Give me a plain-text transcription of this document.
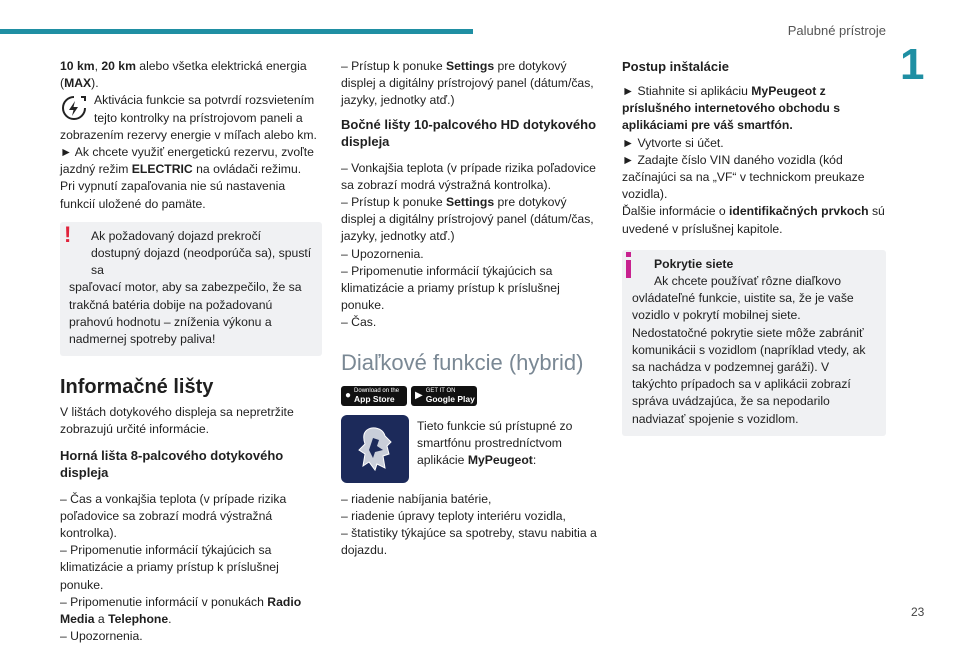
Palubné prístroje
1

10 km, 20 km alebo všetka elektrická energia (MAX).

Aktivácia funkcie sa potvrdí rozsvietením tejto kontrolky na prístrojovom paneli a
zobrazením rezervy energie v míľach alebo km.

► Ak chcete využiť energetickú rezervu, zvoľte jazdný režim ELECTRIC na ovládači režimu.

Pri vypnutí zapaľovania nie sú nastavenia funkcií uložené do pamäte.

!	Ak požadovaný dojazd prekročí dostupný dojazd (neodporúča sa), spustí sa
spaľovací motor, aby sa zabezpečilo, že sa trakčná batéria dobije na požadovanú prahovú hodnotu – zníženia výkonu a nadmernej spotreby paliva!
Informačné lišty

V lištách dotykového displeja sa nepretržite zobrazujú určité informácie.

Horná lišta 8-palcového dotykového displeja

– Čas a vonkajšia teplota (v prípade rizika poľadovice sa zobrazí modrá výstražná kontrolka).

– Pripomenutie informácií týkajúcich sa klimatizácie a priamy prístup k príslušnej ponuke.

– Pripomenutie informácií v ponukách Radio Media a Telephone.

– Upozornenia.

– Prístup k ponuke Settings pre dotykový displej a digitálny prístrojový panel (dátum/čas, jazyky, jednotky atď.)

Bočné lišty 10-palcového HD dotykového displeja

– Vonkajšia teplota (v prípade rizika poľadovice sa zobrazí modrá výstražná kontrolka).

– Prístup k ponuke Settings pre dotykový displej a digitálny prístrojový panel (dátum/čas, jazyky, jednotky atď.)

– Upozornenia.

– Pripomenutie informácií týkajúcich sa klimatizácie a priamy prístup k príslušnej ponuke.

– Čas.

Diaľkové funkcie (hybrid)
● Download on the
App Store	▶ GET IT ON
Google Play

Tieto funkcie sú prístupné zo smartfónu prostredníctvom aplikácie MyPeugeot:

– riadenie nabíjania batérie,

– riadenie úpravy teploty interiéru vozidla,

– štatistiky týkajúce sa spotreby, stavu nabitia a dojazdu.

Postup inštalácie

► Stiahnite si aplikáciu MyPeugeot z príslušného internetového obchodu s aplikáciami pre váš smartfón.

► Vytvorte si účet.

► Zadajte číslo VIN daného vozidla (kód začínajúci sa na „VF“ v technickom preukaze vozidla).

Ďalšie informácie o identifikačných prvkoch sú uvedené v príslušnej kapitole.

Pokrytie siete
Ak chcete používať rôzne diaľkovo
ovládateľné funkcie, uistite sa, že je vaše vozidlo v pokrytí mobilnej siete. Nedostatočné pokrytie siete môže zabrániť komunikácii s vozidlom (napríklad vtedy, ak sa nachádza v podzemnej garáži). V takýchto prípadoch sa v aplikácii zobrazí správa uvádzajúca, že sa nepodarilo nadviazať spojenie s vozidlom.
23
